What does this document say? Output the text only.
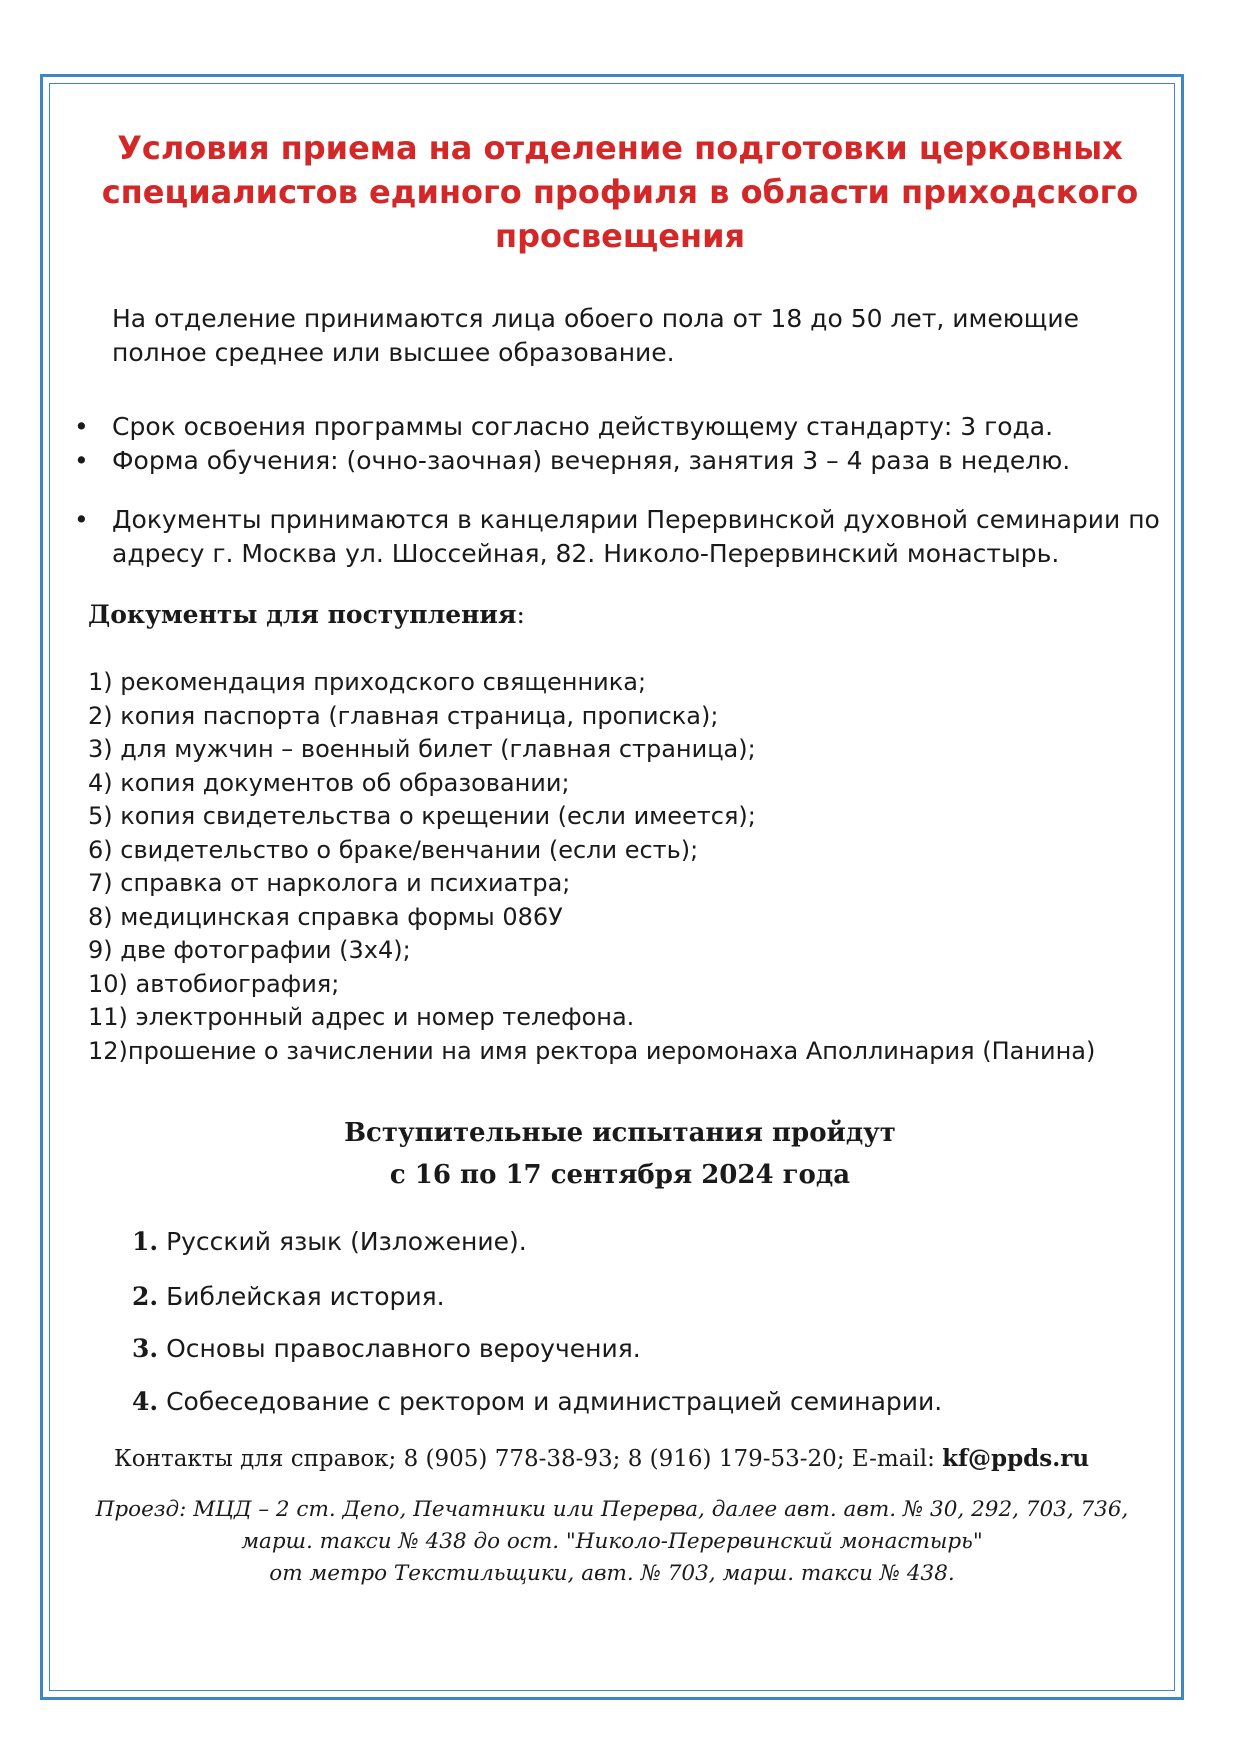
Условия приема на отделение подготовки церковных
специалистов единого профиля в области приходского
просвещения

На отделение принимаются лица обоего пола от 18 до 50 лет, имеющие полное среднее или высшее образование.

• Срок освоения программы согласно действующему стандарту: 3 года.
• Форма обучения: (очно-заочная) вечерняя, занятия 3 – 4 раза в неделю.
• Документы принимаются в канцелярии Перервинской духовной семинарии по адресу г. Москва ул. Шоссейная, 82. Николо-Перервинский монастырь.
Документы для поступления:
1) рекомендация приходского священника;
2) копия паспорта (главная страница, прописка);
3) для мужчин – военный билет (главная страница);
4) копия документов об образовании;
5) копия свидетельства о крещении (если имеется);
6) свидетельство о браке/венчании (если есть);
7) справка от нарколога и психиатра;
8) медицинская справка формы 086У
9) две фотографии (3х4);
10) автобиография;
11) электронный адрес и номер телефона.
12)прошение о зачислении на имя ректора иеромонаха Аполлинария (Панина)
Вступительные испытания пройдут
с 16 по 17 сентября 2024 года
1. Русский язык (Изложение).
2. Библейская история.
3. Основы православного вероучения.
4. Собеседование с ректором и администрацией семинарии.
Контакты для справок; 8 (905) 778-38-93; 8 (916) 179-53-20; E-mail: kf@ppds.ru

Проезд: МЦД – 2 ст. Депо, Печатники или Перерва, далее авт. авт. № 30, 292, 703, 736,
марш. такси № 438 до ост. "Николо-Перервинский монастырь"
от метро Текстильщики, авт. № 703, марш. такси № 438.
